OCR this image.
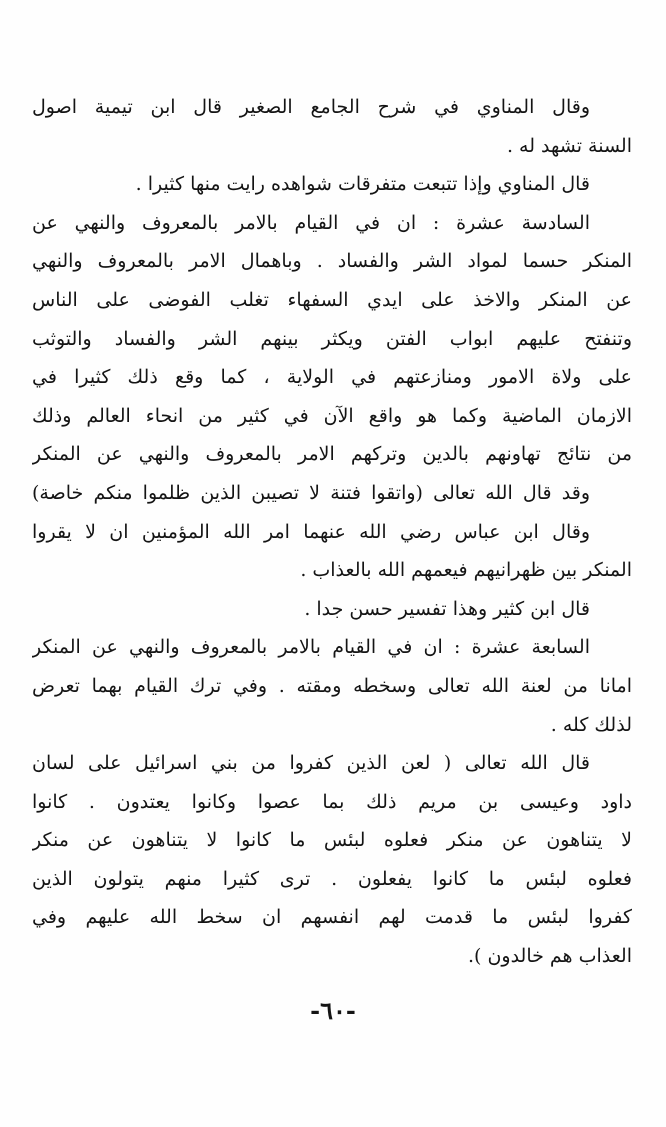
وقال المناوي في شرح الجامع الصغير قال ابن تيمية اصول
السنة تشهد له .
قال المناوي وإذا تتبعت متفرقات شواهده رايت منها كثيرا .
السادسة عشرة : ان في القيام بالامر بالمعروف والنهي عن
المنكر حسما لمواد الشر والفساد . وباهمال الامر بالمعروف والنهي
عن المنكر والاخذ على ايدي السفهاء تغلب الفوضى على الناس
وتنفتح عليهم ابواب الفتن ويكثر بينهم الشر والفساد والتوثب
على ولاة الامور ومنازعتهم في الولاية ، كما وقع ذلك كثيرا في
الازمان الماضية وكما هو واقع الآن في كثير من انحاء العالم وذلك
من نتائج تهاونهم بالدين وتركهم الامر بالمعروف والنهي عن المنكر
وقد قال الله تعالى (واتقوا فتنة لا تصيبن الذين ظلموا منكم خاصة)
وقال ابن عباس رضي الله عنهما امر الله المؤمنين ان لا يقروا
المنكر بين ظهرانيهم فيعمهم الله بالعذاب .
قال ابن كثير وهذا تفسير حسن جدا .
السابعة عشرة : ان في القيام بالامر بالمعروف والنهي عن المنكر
امانا من لعنة الله تعالى وسخطه ومقته . وفي ترك القيام بهما تعرض
لذلك كله .
قال الله تعالى ( لعن الذين كفروا من بني اسرائيل على لسان
داود وعيسى بن مريم ذلك بما عصوا وكانوا يعتدون . كانوا
لا يتناهون عن منكر فعلوه لبئس ما كانوا لا يتناهون عن منكر
فعلوه لبئس ما كانوا يفعلون . ترى كثيرا منهم يتولون الذين
كفروا لبئس ما قدمت لهم انفسهم ان سخط الله عليهم وفي
العذاب هم خالدون ).
-٦٠-
